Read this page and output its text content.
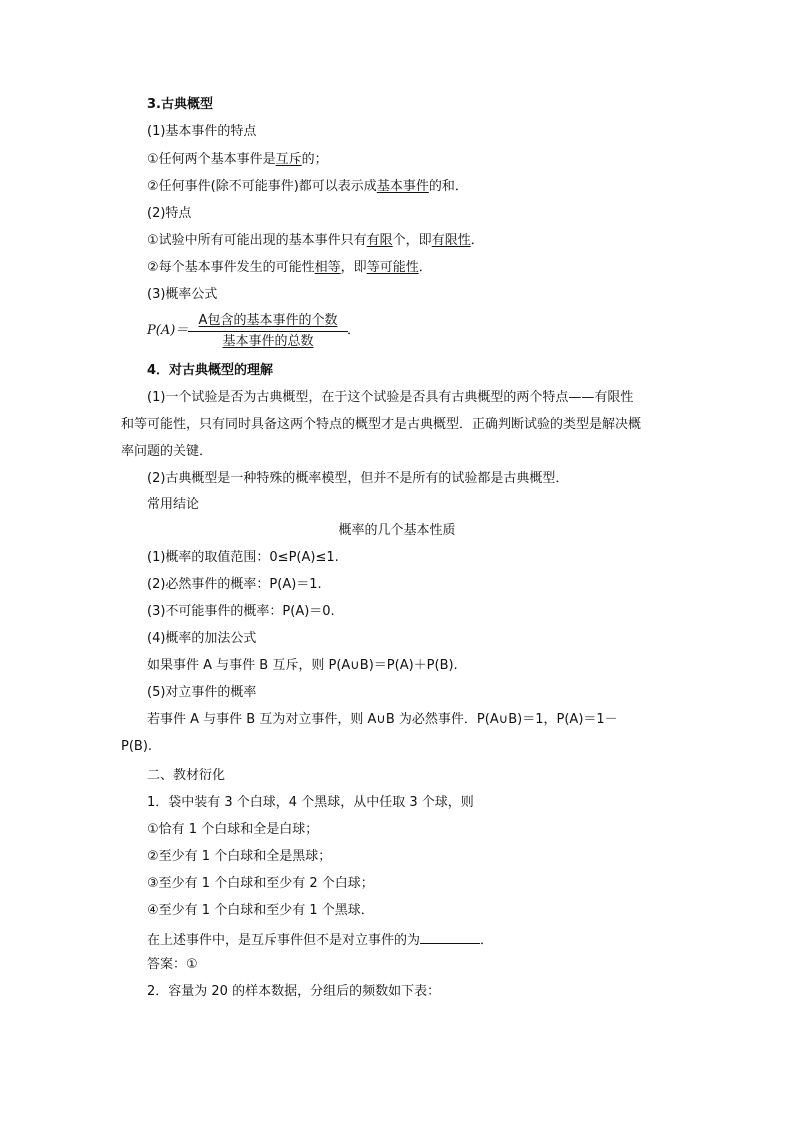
3.古典概型
(1)基本事件的特点
①任何两个基本事件是互斥的；
②任何事件(除不可能事件)都可以表示成基本事件的和．
(2)特点
①试验中所有可能出现的基本事件只有有限个，即有限性．
②每个基本事件发生的可能性相等，即等可能性．
(3)概率公式
P(A)＝
A包含的基本事件的个数
基本事件的总数
．
4．对古典概型的理解
(1)一个试验是否为古典概型，在于这个试验是否具有古典概型的两个特点——有限性
和等可能性，只有同时具备这两个特点的概型才是古典概型．正确判断试验的类型是解决概
率问题的关键．
(2)古典概型是一种特殊的概率模型，但并不是所有的试验都是古典概型．
常用结论
概率的几个基本性质
(1)概率的取值范围：0≤P(A)≤1.
(2)必然事件的概率：P(A)＝1.
(3)不可能事件的概率：P(A)＝0.
(4)概率的加法公式
如果事件 A 与事件 B 互斥，则 P(A∪B)＝P(A)＋P(B).
(5)对立事件的概率
若事件 A 与事件 B 互为对立事件，则 A∪B 为必然事件．P(A∪B)＝1，P(A)＝1－
P(B).
二、教材衍化
1．袋中装有 3 个白球，4 个黑球，从中任取 3 个球，则
①恰有 1 个白球和全是白球；
②至少有 1 个白球和全是黑球；
③至少有 1 个白球和至少有 2 个白球；
④至少有 1 个白球和至少有 1 个黑球．
在上述事件中，是互斥事件但不是对立事件的为	．
答案：①
2．容量为 20 的样本数据，分组后的频数如下表：
